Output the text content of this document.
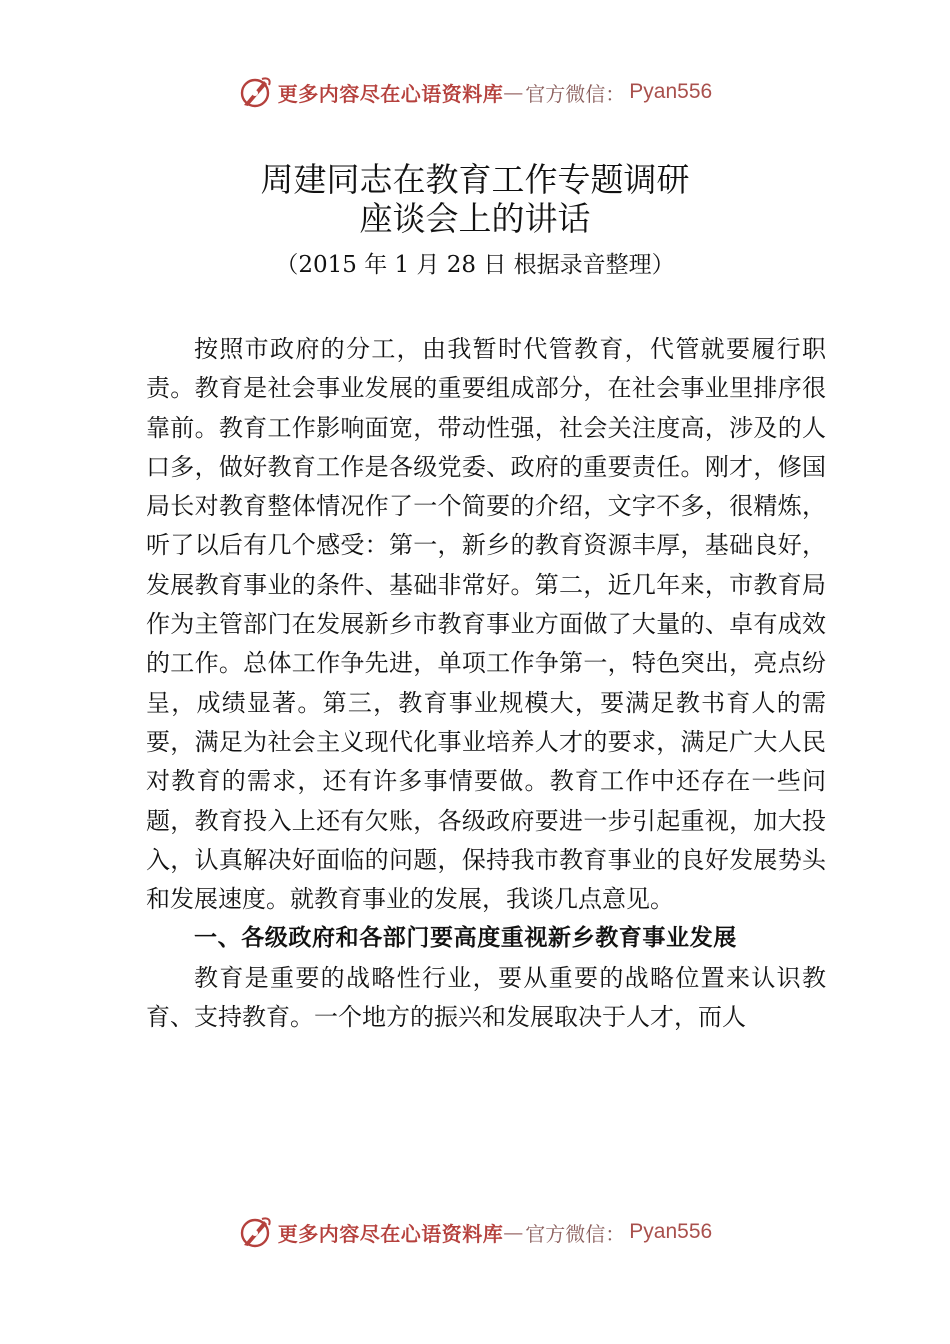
更多内容尽在心语资料库 — 官方微信： Pyan556
周建同志在教育工作专题调研
座谈会上的讲话
（2015 年 1 月 28 日 根据录音整理）

按照市政府的分工，由我暂时代管教育，代管就要履行职责。教育是社会事业发展的重要组成部分，在社会事业里排序很靠前。教育工作影响面宽，带动性强，社会关注度高，涉及的人口多，做好教育工作是各级党委、政府的重要责任。刚才，修国局长对教育整体情况作了一个简要的介绍，文字不多，很精炼，听了以后有几个感受：第一，新乡的教育资源丰厚，基础良好，发展教育事业的条件、基础非常好。第二，近几年来，市教育局作为主管部门在发展新乡市教育事业方面做了大量的、卓有成效的工作。总体工作争先进，单项工作争第一，特色突出，亮点纷呈，成绩显著。第三，教育事业规模大，要满足教书育人的需要，满足为社会主义现代化事业培养人才的要求，满足广大人民对教育的需求，还有许多事情要做。教育工作中还存在一些问题，教育投入上还有欠账，各级政府要进一步引起重视，加大投入，认真解决好面临的问题，保持我市教育事业的良好发展势头和发展速度。就教育事业的发展，我谈几点意见。

一、各级政府和各部门要高度重视新乡教育事业发展

教育是重要的战略性行业，要从重要的战略位置来认识教育、支持教育。一个地方的振兴和发展取决于人才，而人

更多内容尽在心语资料库 — 官方微信： Pyan556
